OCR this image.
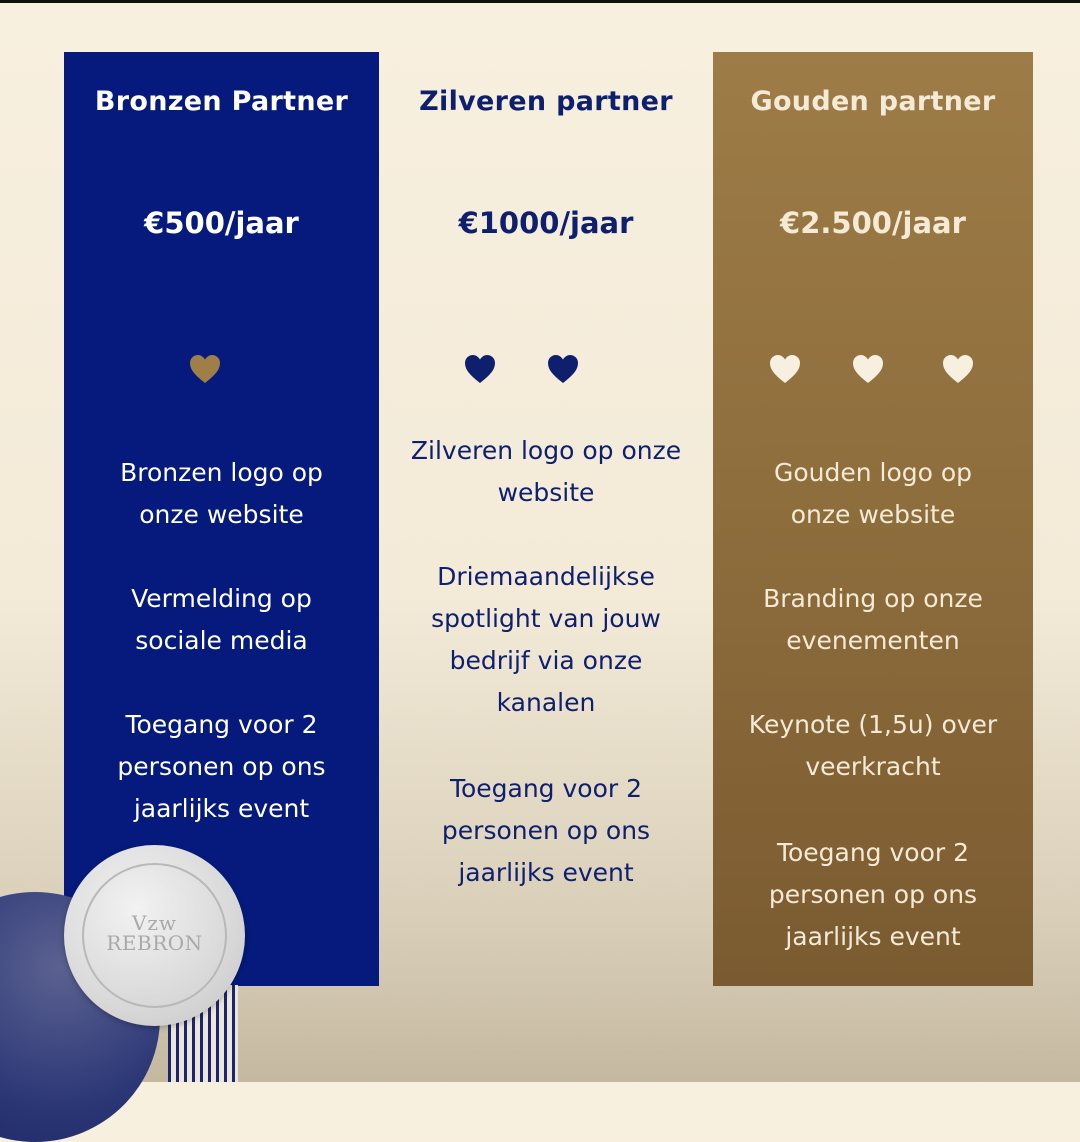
Bronzen Partner
€500/jaar
Bronzen logo op
onze website
Vermelding op
sociale media
Toegang voor 2
personen op ons
jaarlijks event
Zilveren partner
€1000/jaar
Zilveren logo op onze
website
Driemaandelijkse
spotlight van jouw
bedrijf via onze
kanalen
Toegang voor 2
personen op ons
jaarlijks event
Gouden partner
€2.500/jaar
Gouden logo op
onze website
Branding op onze
evenementen
Keynote (1,5u) over
veerkracht
Toegang voor 2
personen op ons
jaarlijks event
Vzw
REBRON
